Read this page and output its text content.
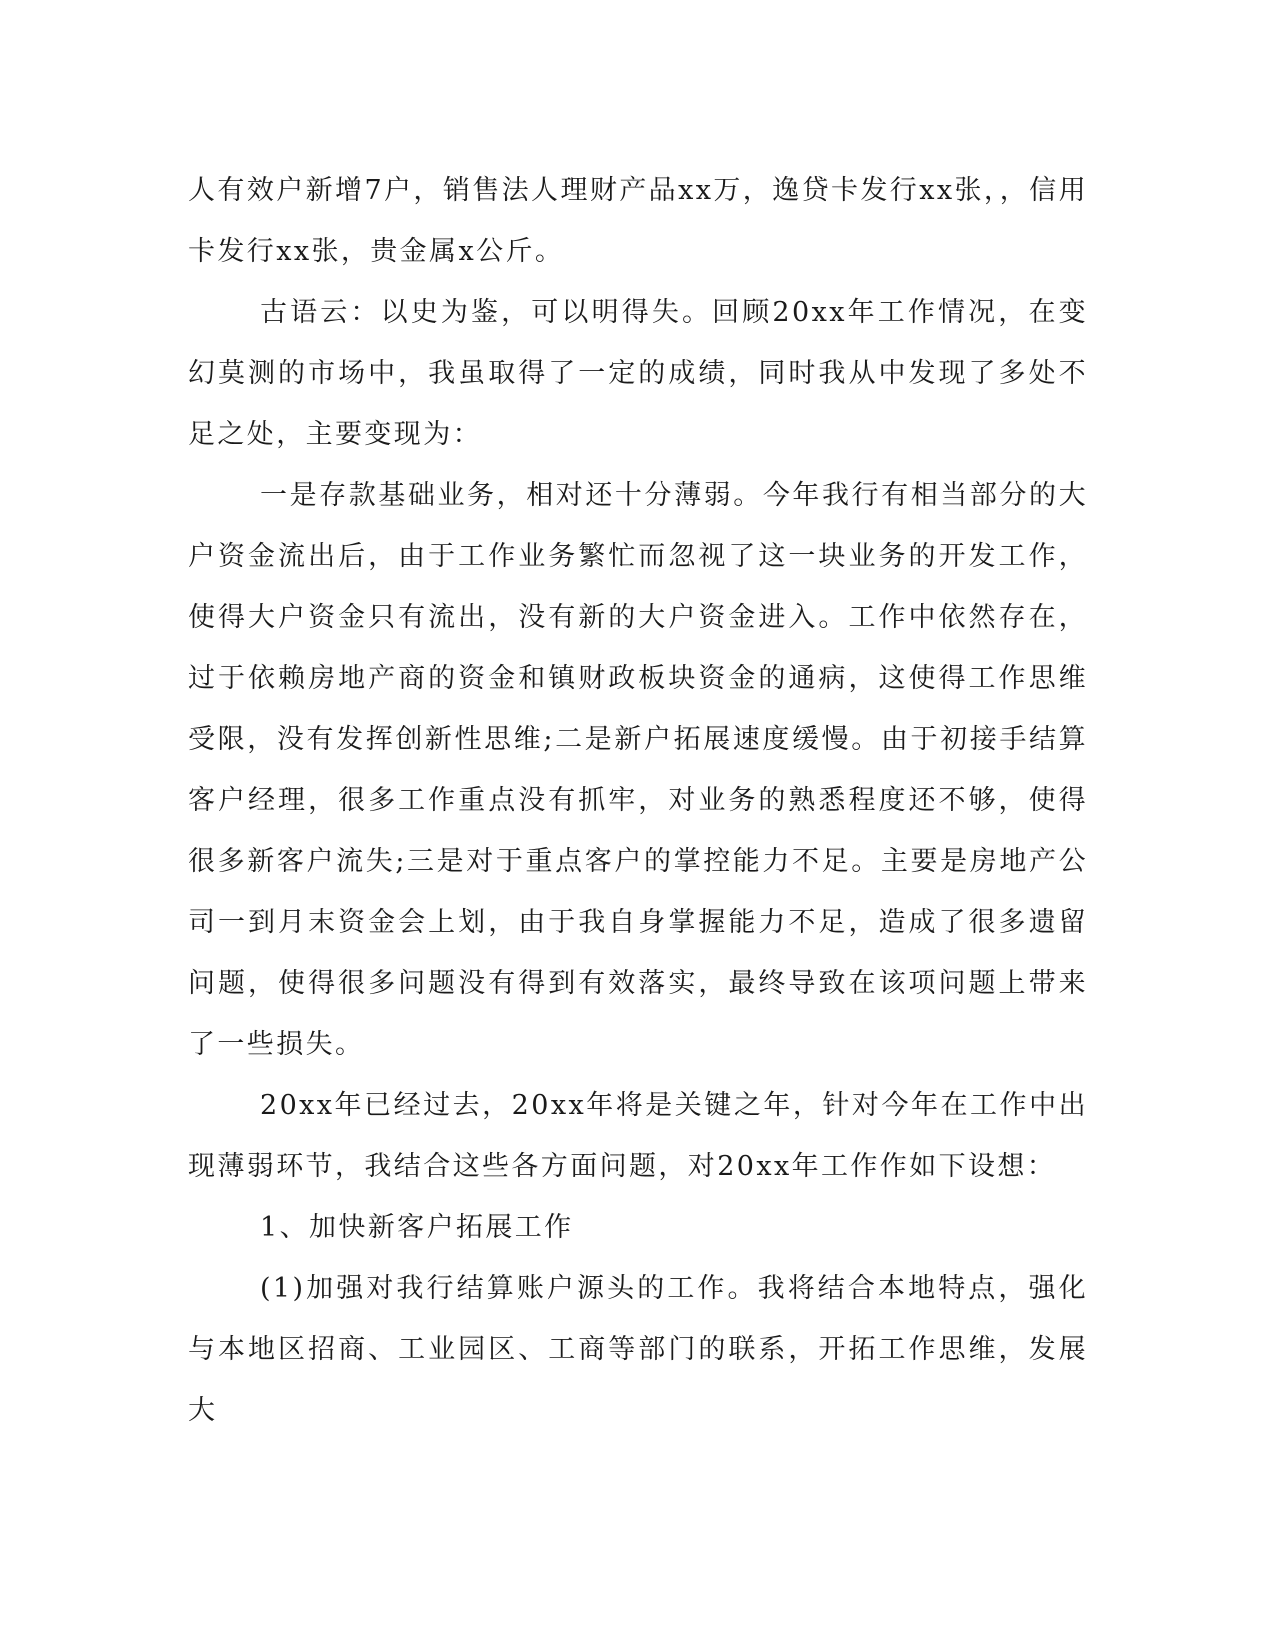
人有效户新增7户，销售法人理财产品xx万，逸贷卡发行xx张，，信用卡发行xx张，贵金属x公斤。

古语云：以史为鉴，可以明得失。回顾20xx年工作情况，在变幻莫测的市场中，我虽取得了一定的成绩，同时我从中发现了多处不足之处，主要变现为：

一是存款基础业务，相对还十分薄弱。今年我行有相当部分的大户资金流出后，由于工作业务繁忙而忽视了这一块业务的开发工作，使得大户资金只有流出，没有新的大户资金进入。工作中依然存在，过于依赖房地产商的资金和镇财政板块资金的通病，这使得工作思维受限，没有发挥创新性思维;二是新户拓展速度缓慢。由于初接手结算客户经理，很多工作重点没有抓牢，对业务的熟悉程度还不够，使得很多新客户流失;三是对于重点客户的掌控能力不足。主要是房地产公司一到月末资金会上划，由于我自身掌握能力不足，造成了很多遗留问题，使得很多问题没有得到有效落实，最终导致在该项问题上带来了一些损失。

20xx年已经过去，20xx年将是关键之年，针对今年在工作中出现薄弱环节，我结合这些各方面问题，对20xx年工作作如下设想：

1、加快新客户拓展工作

(1)加强对我行结算账户源头的工作。我将结合本地特点，强化与本地区招商、工业园区、工商等部门的联系，开拓工作思维，发展大
